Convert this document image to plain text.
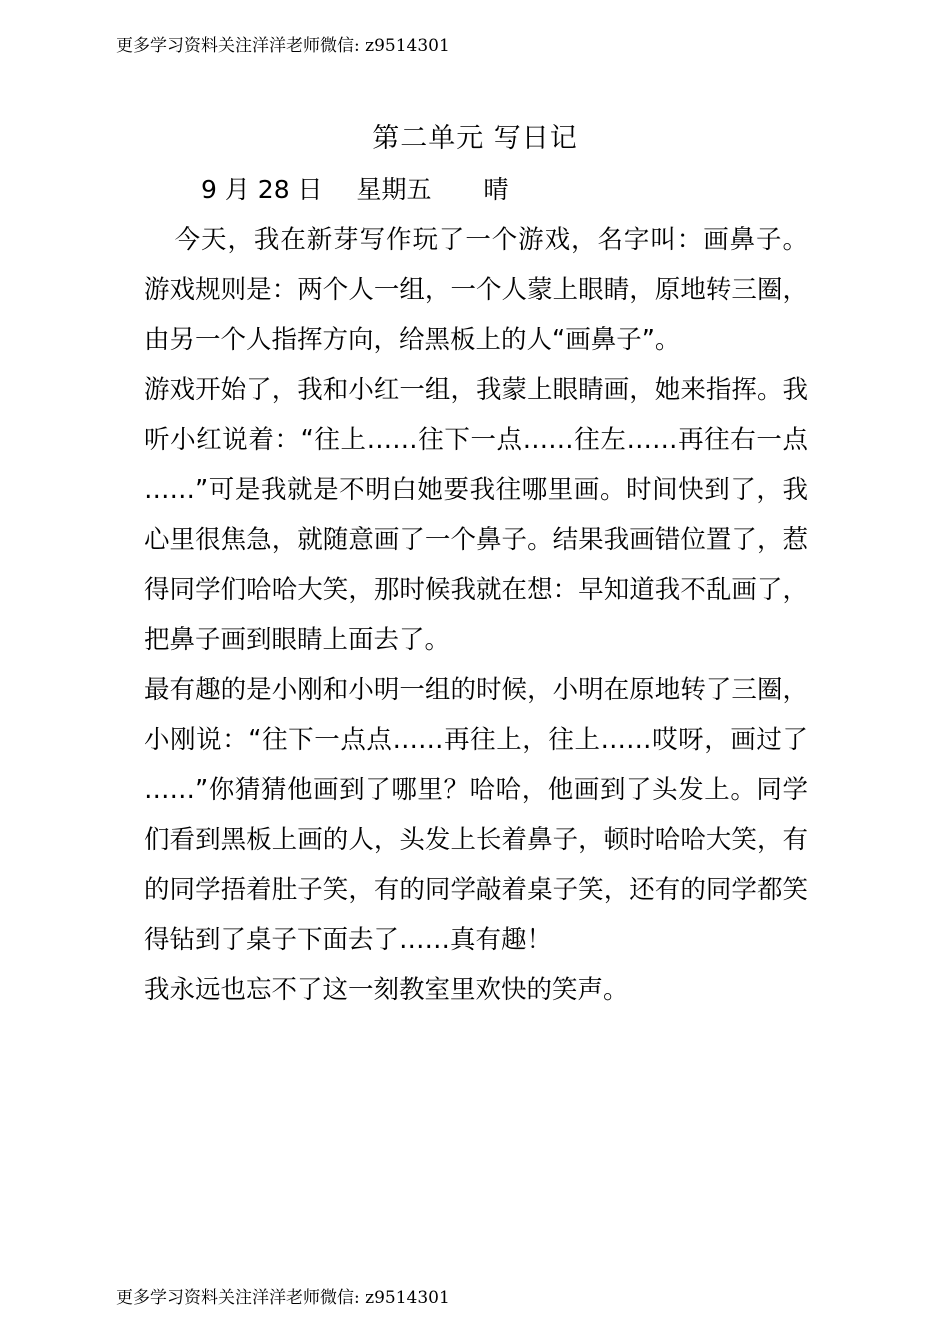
更多学习资料关注洋洋老师微信: z9514301
第二单元 写日记
9 月 28 日 星期五 晴

今天，我在新芽写作玩了一个游戏，名字叫：画鼻子。游戏规则是：两个人一组，一个人蒙上眼睛，原地转三圈，由另一个人指挥方向，给黑板上的人“画鼻子”。

游戏开始了，我和小红一组，我蒙上眼睛画，她来指挥。我听小红说着：“往上……往下一点……往左……再往右一点……”可是我就是不明白她要我往哪里画。时间快到了，我心里很焦急，就随意画了一个鼻子。结果我画错位置了，惹得同学们哈哈大笑，那时候我就在想：早知道我不乱画了，把鼻子画到眼睛上面去了。

最有趣的是小刚和小明一组的时候，小明在原地转了三圈，小刚说：“往下一点点……再往上，往上……哎呀，画过了……”你猜猜他画到了哪里？哈哈，他画到了头发上。同学们看到黑板上画的人，头发上长着鼻子，顿时哈哈大笑，有的同学捂着肚子笑，有的同学敲着桌子笑，还有的同学都笑得钻到了桌子下面去了……真有趣！

我永远也忘不了这一刻教室里欢快的笑声。

更多学习资料关注洋洋老师微信: z9514301
